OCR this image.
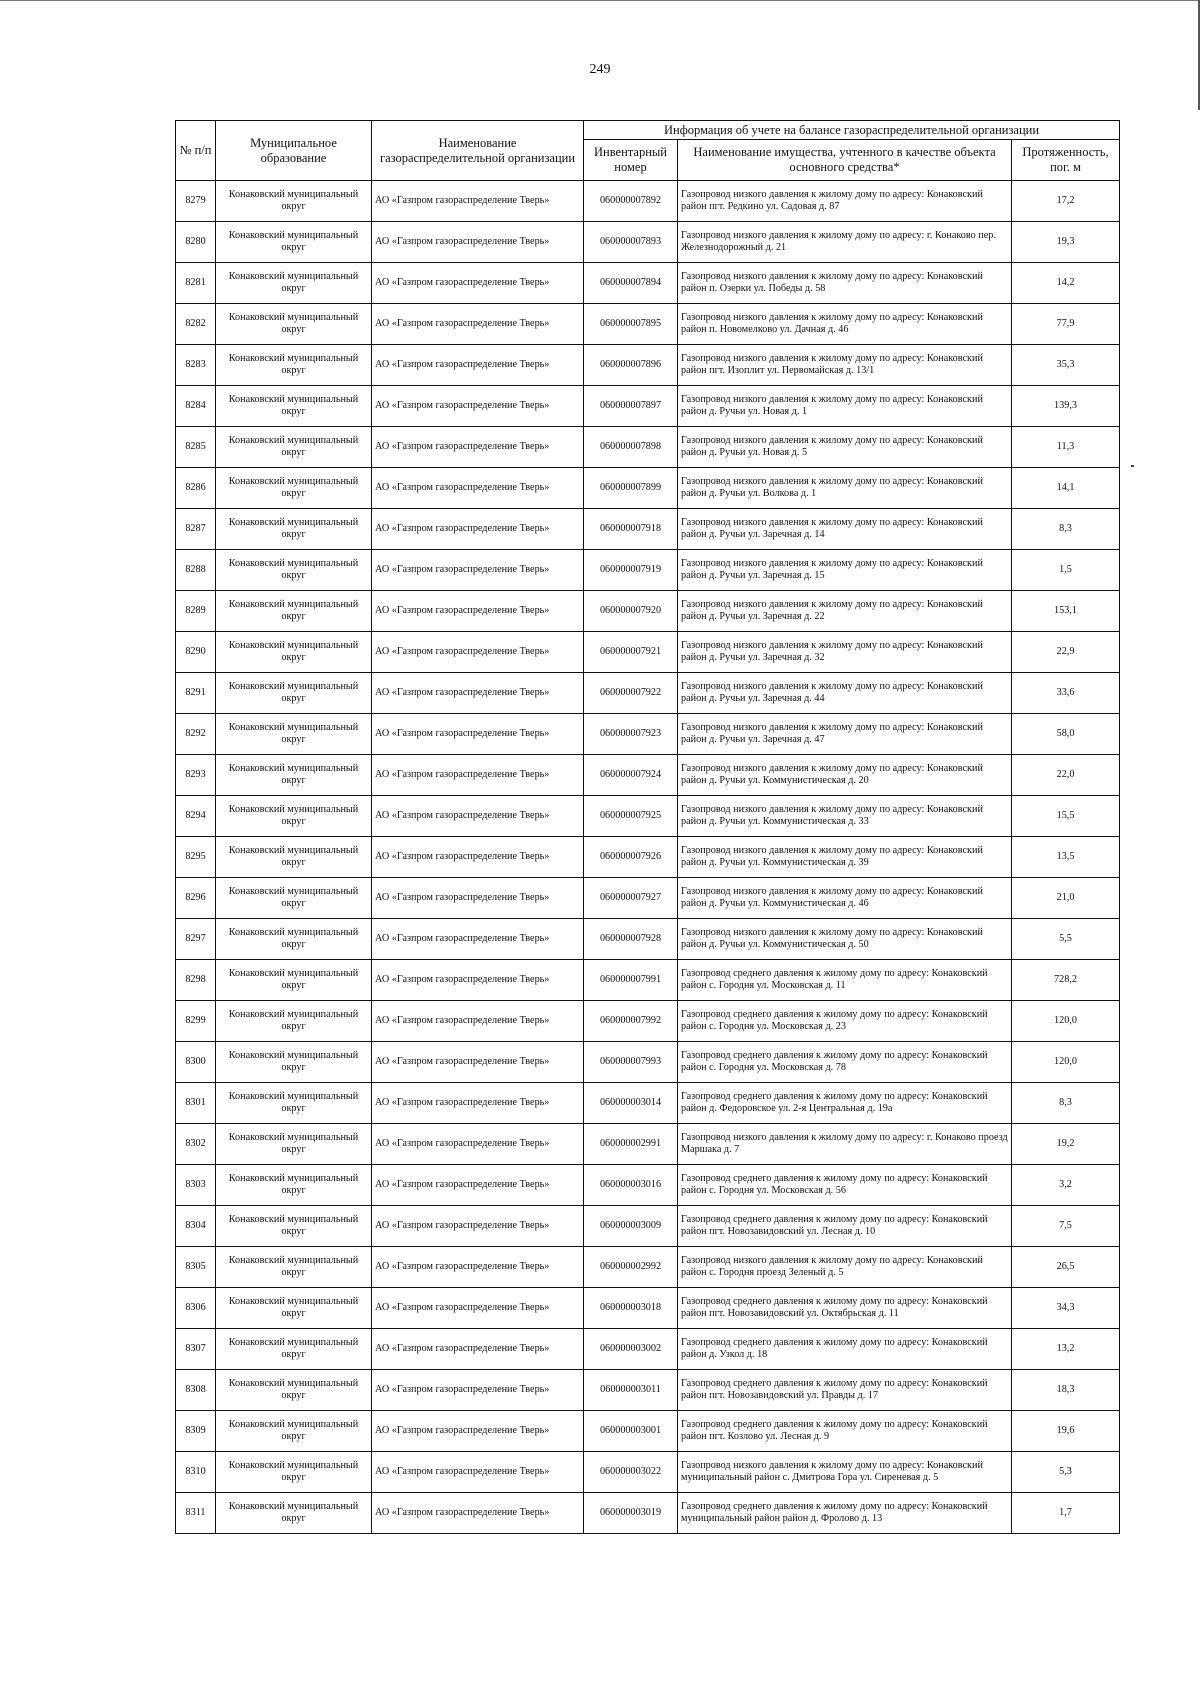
249
№ п/п	Муниципальное образование	Наименование газораспределительной организации	Информация об учете на балансе газораспределительной организации		
			Инвентарный номер	Наименование имущества, учтенного в качестве объекта основного средства*	Протяженность, пог. м
8279	Конаковский муниципальный округ	АО «Газпром газораспределение Тверь»	060000007892	Газопровод низкого давления к жилому дому по адресу: Конаковский район пгт. Редкино ул. Садовая д. 87	17,2
8280	Конаковский муниципальный округ	АО «Газпром газораспределение Тверь»	060000007893	Газопровод низкого давления к жилому дому по адресу: г. Конаково пер. Железнодорожный д. 21	19,3
8281	Конаковский муниципальный округ	АО «Газпром газораспределение Тверь»	060000007894	Газопровод низкого давления к жилому дому по адресу: Конаковский район п. Озерки ул. Победы д. 58	14,2
8282	Конаковский муниципальный округ	АО «Газпром газораспределение Тверь»	060000007895	Газопровод низкого давления к жилому дому по адресу: Конаковский район п. Новомелково ул. Дачная д. 46	77,9
8283	Конаковский муниципальный округ	АО «Газпром газораспределение Тверь»	060000007896	Газопровод низкого давления к жилому дому по адресу: Конаковский район пгт. Изоплит ул. Первомайская д. 13/1	35,3
8284	Конаковский муниципальный округ	АО «Газпром газораспределение Тверь»	060000007897	Газопровод низкого давления к жилому дому по адресу: Конаковский район д. Ручьи ул. Новая д. 1	139,3
8285	Конаковский муниципальный округ	АО «Газпром газораспределение Тверь»	060000007898	Газопровод низкого давления к жилому дому по адресу: Конаковский район д. Ручьи ул. Новая д. 5	11,3
8286	Конаковский муниципальный округ	АО «Газпром газораспределение Тверь»	060000007899	Газопровод низкого давления к жилому дому по адресу: Конаковский район д. Ручьи ул. Волкова д. 1	14,1
8287	Конаковский муниципальный округ	АО «Газпром газораспределение Тверь»	060000007918	Газопровод низкого давления к жилому дому по адресу: Конаковский район д. Ручьи ул. Заречная д. 14	8,3
8288	Конаковский муниципальный округ	АО «Газпром газораспределение Тверь»	060000007919	Газопровод низкого давления к жилому дому по адресу: Конаковский район д. Ручьи ул. Заречная д. 15	1,5
8289	Конаковский муниципальный округ	АО «Газпром газораспределение Тверь»	060000007920	Газопровод низкого давления к жилому дому по адресу: Конаковский район д. Ручьи ул. Заречная д. 22	153,1
8290	Конаковский муниципальный округ	АО «Газпром газораспределение Тверь»	060000007921	Газопровод низкого давления к жилому дому по адресу: Конаковский район д. Ручьи ул. Заречная д. 32	22,9
8291	Конаковский муниципальный округ	АО «Газпром газораспределение Тверь»	060000007922	Газопровод низкого давления к жилому дому по адресу: Конаковский район д. Ручьи ул. Заречная д. 44	33,6
8292	Конаковский муниципальный округ	АО «Газпром газораспределение Тверь»	060000007923	Газопровод низкого давления к жилому дому по адресу: Конаковский район д. Ручьи ул. Заречная д. 47	58,0
8293	Конаковский муниципальный округ	АО «Газпром газораспределение Тверь»	060000007924	Газопровод низкого давления к жилому дому по адресу: Конаковский район д. Ручьи ул. Коммунистическая д. 20	22,0
8294	Конаковский муниципальный округ	АО «Газпром газораспределение Тверь»	060000007925	Газопровод низкого давления к жилому дому по адресу: Конаковский район д. Ручьи ул. Коммунистическая д. 33	15,5
8295	Конаковский муниципальный округ	АО «Газпром газораспределение Тверь»	060000007926	Газопровод низкого давления к жилому дому по адресу: Конаковский район д. Ручьи ул. Коммунистическая д. 39	13,5
8296	Конаковский муниципальный округ	АО «Газпром газораспределение Тверь»	060000007927	Газопровод низкого давления к жилому дому по адресу: Конаковский район д. Ручьи ул. Коммунистическая д. 46	21,0
8297	Конаковский муниципальный округ	АО «Газпром газораспределение Тверь»	060000007928	Газопровод низкого давления к жилому дому по адресу: Конаковский район д. Ручьи ул. Коммунистическая д. 50	5,5
8298	Конаковский муниципальный округ	АО «Газпром газораспределение Тверь»	060000007991	Газопровод среднего давления к жилому дому по адресу: Конаковский район с. Городня ул. Московская д. 11	728,2
8299	Конаковский муниципальный округ	АО «Газпром газораспределение Тверь»	060000007992	Газопровод среднего давления к жилому дому по адресу: Конаковский район с. Городня ул. Московская д. 23	120,0
8300	Конаковский муниципальный округ	АО «Газпром газораспределение Тверь»	060000007993	Газопровод среднего давления к жилому дому по адресу: Конаковский район с. Городня ул. Московская д. 78	120,0
8301	Конаковский муниципальный округ	АО «Газпром газораспределение Тверь»	060000003014	Газопровод среднего давления к жилому дому по адресу: Конаковский район д. Федоровское ул. 2-я Центральная д. 19а	8,3
8302	Конаковский муниципальный округ	АО «Газпром газораспределение Тверь»	060000002991	Газопровод низкого давления к жилому дому по адресу: г. Конаково проезд Маршака д. 7	19,2
8303	Конаковский муниципальный округ	АО «Газпром газораспределение Тверь»	060000003016	Газопровод среднего давления к жилому дому по адресу: Конаковский район с. Городня ул. Московская д. 56	3,2
8304	Конаковский муниципальный округ	АО «Газпром газораспределение Тверь»	060000003009	Газопровод среднего давления к жилому дому по адресу: Конаковский район пгт. Новозавидовский ул. Лесная д. 10	7,5
8305	Конаковский муниципальный округ	АО «Газпром газораспределение Тверь»	060000002992	Газопровод низкого давления к жилому дому по адресу: Конаковский район с. Городня проезд Зеленый д. 5	26,5
8306	Конаковский муниципальный округ	АО «Газпром газораспределение Тверь»	060000003018	Газопровод среднего давления к жилому дому по адресу: Конаковский район пгт. Новозавидовский ул. Октябрьская д. 11	34,3
8307	Конаковский муниципальный округ	АО «Газпром газораспределение Тверь»	060000003002	Газопровод среднего давления к жилому дому по адресу: Конаковский район д. Узкол д. 18	13,2
8308	Конаковский муниципальный округ	АО «Газпром газораспределение Тверь»	060000003011	Газопровод среднего давления к жилому дому по адресу: Конаковский район пгт. Новозавидовский ул. Правды д. 17	18,3
8309	Конаковский муниципальный округ	АО «Газпром газораспределение Тверь»	060000003001	Газопровод среднего давления к жилому дому по адресу: Конаковский район пгт. Козлово ул. Лесная д. 9	19,6
8310	Конаковский муниципальный округ	АО «Газпром газораспределение Тверь»	060000003022	Газопровод низкого давления к жилому дому по адресу: Конаковский муниципальный район с. Дмитрова Гора ул. Сиреневая д. 5	5,3
8311	Конаковский муниципальный округ	АО «Газпром газораспределение Тверь»	060000003019	Газопровод среднего давления к жилому дому по адресу: Конаковский муниципальный район район д. Фролово д. 13	1,7
